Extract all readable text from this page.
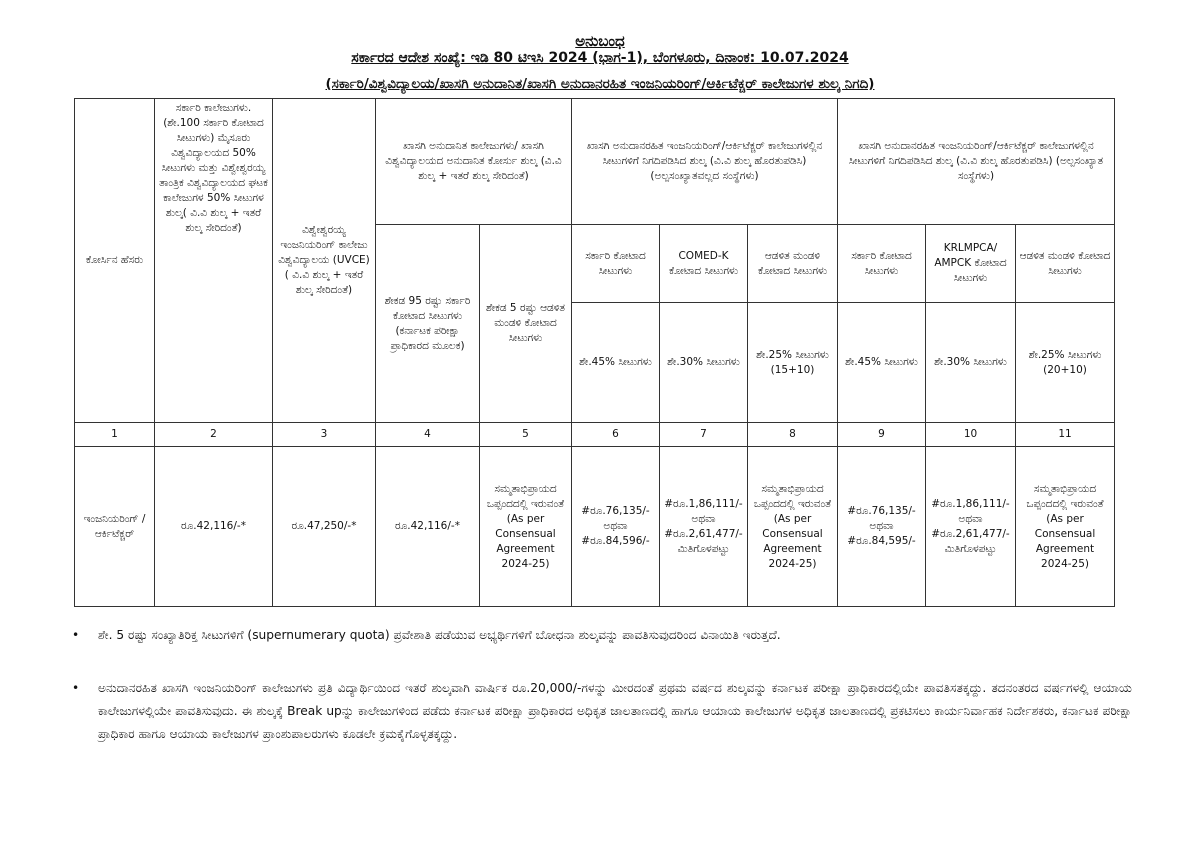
ಅನುಬಂಧ
ಸರ್ಕಾರದ ಆದೇಶ ಸಂಖ್ಯೆ: ಇಡಿ 80 ಟಿಇಸಿ 2024 (ಭಾಗ-1), ಬೆಂಗಳೂರು, ದಿನಾಂಕ: 10.07.2024
(ಸರ್ಕಾರಿ/ವಿಶ್ವವಿದ್ಯಾಲಯ/ಖಾಸಗಿ ಅನುದಾನಿತ/ಖಾಸಗಿ ಅನುದಾನರಹಿತ ಇಂಜನಿಯರಿಂಗ್/ಆರ್ಕಿಟೆಕ್ಚರ್ ಕಾಲೇಜುಗಳ ಶುಲ್ಕ ನಿಗದಿ)
ಕೋರ್ಸಿನ ಹೆಸರು	ಸರ್ಕಾರಿ ಕಾಲೇಜುಗಳು. (ಶೇ.100 ಸರ್ಕಾರಿ ಕೋಟಾದ ಸೀಟುಗಳು) ಮೈಸೂರು ವಿಶ್ವವಿದ್ಯಾಲಯದ 50% ಸೀಟುಗಳು ಮತ್ತು ವಿಶ್ವೇಶ್ವರಯ್ಯ ತಾಂತ್ರಿಕ ವಿಶ್ವವಿದ್ಯಾಲಯದ ಘಟಕ ಕಾಲೇಜುಗಳ 50% ಸೀಟುಗಳ ಶುಲ್ಕ( ವಿ.ವಿ ಶುಲ್ಕ + ಇತರೆ ಶುಲ್ಕ ಸೇರಿದಂತೆ)	ವಿಶ್ವೇಶ್ವರಯ್ಯ ಇಂಜನಿಯರಿಂಗ್ ಕಾಲೇಜು ವಿಶ್ವವಿದ್ಯಾಲಯ (UVCE) ( ವಿ.ವಿ ಶುಲ್ಕ + ಇತರೆ ಶುಲ್ಕ ಸೇರಿದಂತೆ)	ಖಾಸಗಿ ಅನುದಾನಿತ ಕಾಲೇಜುಗಳು/ ಖಾಸಗಿ ವಿಶ್ವವಿದ್ಯಾಲಯದ ಅನುದಾನಿತ ಕೋರ್ಸು ಶುಲ್ಕ (ವಿ.ವಿ ಶುಲ್ಕ + ಇತರೆ ಶುಲ್ಕ ಸೇರಿದಂತೆ)		ಖಾಸಗಿ ಅನುದಾನರಹಿತ ಇಂಜನಿಯರಿಂಗ್/ಆರ್ಕಿಟೆಕ್ಚರ್ ಕಾಲೇಜುಗಳಲ್ಲಿನ ಸೀಟುಗಳಿಗೆ ನಿಗದಿಪಡಿಸಿದ ಶುಲ್ಕ (ವಿ.ವಿ ಶುಲ್ಕ ಹೊರತುಪಡಿಸಿ) (ಅಲ್ಪಸಂಖ್ಯಾತವಲ್ಲದ ಸಂಸ್ಥೆಗಳು)			ಖಾಸಗಿ ಅನುದಾನರಹಿತ ಇಂಜನಿಯರಿಂಗ್/ಆರ್ಕಿಟೆಕ್ಚರ್ ಕಾಲೇಜುಗಳಲ್ಲಿನ ಸೀಟುಗಳಿಗೆ ನಿಗದಿಪಡಿಸಿದ ಶುಲ್ಕ (ವಿ.ವಿ ಶುಲ್ಕ ಹೊರತುಪಡಿಸಿ) (ಅಲ್ಪಸಂಖ್ಯಾತ ಸಂಸ್ಥೆಗಳು)		
			ಶೇಕಡ 95 ರಷ್ಟು ಸರ್ಕಾರಿ ಕೋಟಾದ ಸೀಟುಗಳು (ಕರ್ನಾಟಕ ಪರೀಕ್ಷಾ ಪ್ರಾಧಿಕಾರದ ಮೂಲಕ)	ಶೇಕಡ 5 ರಷ್ಟು ಆಡಳಿತ ಮಂಡಳಿ ಕೋಟಾದ ಸೀಟುಗಳು	ಸರ್ಕಾರಿ ಕೋಟಾದ ಸೀಟುಗಳು	COMED-K ಕೋಟಾದ ಸೀಟುಗಳು	ಆಡಳಿತ ಮಂಡಳಿ ಕೋಟಾದ ಸೀಟುಗಳು	ಸರ್ಕಾರಿ ಕೋಟಾದ ಸೀಟುಗಳು	KRLMPCA/ AMPCK ಕೋಟಾದ ಸೀಟುಗಳು	ಆಡಳಿತ ಮಂಡಳಿ ಕೋಟಾದ ಸೀಟುಗಳು
					ಶೇ.45% ಸೀಟುಗಳು	ಶೇ.30% ಸೀಟುಗಳು	ಶೇ.25% ಸೀಟುಗಳು (15+10)	ಶೇ.45% ಸೀಟುಗಳು	ಶೇ.30% ಸೀಟುಗಳು	ಶೇ.25% ಸೀಟುಗಳು (20+10)
1	2	3	4	5	6	7	8	9	10	11
ಇಂಜನಿಯರಿಂಗ್ / ಆರ್ಕಿಟೆಕ್ಚರ್	ರೂ.42,116/-*	ರೂ.47,250/-*	ರೂ.42,116/-*	ಸಮ್ಮತಾಭಿಪ್ರಾಯದ ಒಪ್ಪಂದದಲ್ಲಿ ಇರುವಂತೆ (As per Consensual Agreement 2024-25)	#ರೂ.76,135/- ಅಥವಾ #ರೂ.84,596/-	#ರೂ.1,86,111/- ಅಥವಾ #ರೂ.2,61,477/- ಮಿತಿಗೊಳಪಟ್ಟು	ಸಮ್ಮತಾಭಿಪ್ರಾಯದ ಒಪ್ಪಂದದಲ್ಲಿ ಇರುವಂತೆ (As per Consensual Agreement 2024-25)	#ರೂ.76,135/- ಅಥವಾ #ರೂ.84,595/-	#ರೂ.1,86,111/- ಅಥವಾ #ರೂ.2,61,477/- ಮಿತಿಗೊಳಪಟ್ಟು	ಸಮ್ಮತಾಭಿಪ್ರಾಯದ ಒಪ್ಪಂದದಲ್ಲಿ ಇರುವಂತೆ (As per Consensual Agreement 2024-25)
• ಶೇ. 5 ರಷ್ಟು ಸಂಖ್ಯಾತಿರಿಕ್ತ ಸೀಟುಗಳಿಗೆ (supernumerary quota) ಪ್ರವೇಶಾತಿ ಪಡೆಯುವ ಅಭ್ಯರ್ಥಿಗಳಿಗೆ ಬೋಧನಾ ಶುಲ್ಕವನ್ನು ಪಾವತಿಸುವುದರಿಂದ ವಿನಾಯಿತಿ ಇರುತ್ತದೆ.
• ಅನುದಾನರಹಿತ ಖಾಸಗಿ ಇಂಜನಿಯರಿಂಗ್ ಕಾಲೇಜುಗಳು ಪ್ರತಿ ವಿದ್ಯಾರ್ಥಿಯಿಂದ ಇತರೆ ಶುಲ್ಕವಾಗಿ ವಾರ್ಷಿಕ ರೂ.20,000/-ಗಳನ್ನು ಮೀರದಂತೆ ಪ್ರಥಮ ವರ್ಷದ ಶುಲ್ಕವನ್ನು ಕರ್ನಾಟಕ ಪರೀಕ್ಷಾ ಪ್ರಾಧಿಕಾರದಲ್ಲಿಯೇ ಪಾವತಿಸತಕ್ಕದ್ದು. ತದನಂತರದ ವರ್ಷಗಳಲ್ಲಿ ಆಯಾಯ ಕಾಲೇಜುಗಳಲ್ಲಿಯೇ ಪಾವತಿಸುವುದು. ಈ ಶುಲ್ಕಕ್ಕೆ Break upನ್ನು ಕಾಲೇಜುಗಳಿಂದ ಪಡೆದು ಕರ್ನಾಟಕ ಪರೀಕ್ಷಾ ಪ್ರಾಧಿಕಾರದ ಅಧಿಕೃತ ಜಾಲತಾಣದಲ್ಲಿ ಹಾಗೂ ಆಯಾಯ ಕಾಲೇಜುಗಳ ಅಧಿಕೃತ ಜಾಲತಾಣದಲ್ಲಿ ಪ್ರಕಟಿಸಲು ಕಾರ್ಯನಿರ್ವಾಹಕ ನಿರ್ದೇಶಕರು, ಕರ್ನಾಟಕ ಪರೀಕ್ಷಾ ಪ್ರಾಧಿಕಾರ ಹಾಗೂ ಆಯಾಯ ಕಾಲೇಜುಗಳ ಪ್ರಾಂಶುಪಾಲರುಗಳು ಕೂಡಲೇ ಕ್ರಮಕೈಗೊಳ್ಳತಕ್ಕದ್ದು.
